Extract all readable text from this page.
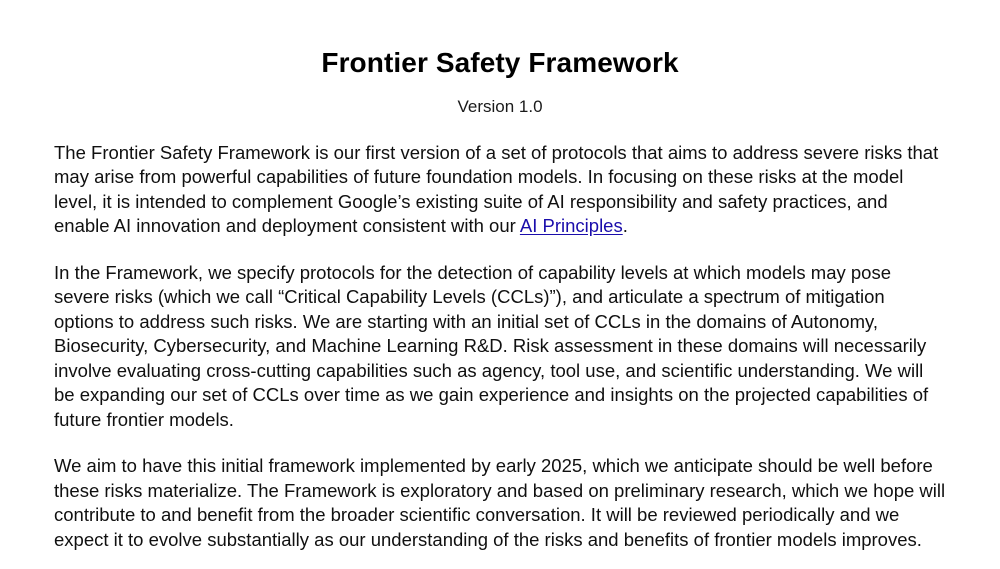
Frontier Safety Framework
Version 1.0

The Frontier Safety Framework is our first version of a set of protocols that aims to address severe risks that may arise from powerful capabilities of future foundation models. In focusing on these risks at the model level, it is intended to complement Google’s existing suite of AI responsibility and safety practices, and enable AI innovation and deployment consistent with our AI Principles.

In the Framework, we specify protocols for the detection of capability levels at which models may pose severe risks (which we call “Critical Capability Levels (CCLs)”), and articulate a spectrum of mitigation options to address such risks. We are starting with an initial set of CCLs in the domains of Autonomy, Biosecurity, Cybersecurity, and Machine Learning R&D. Risk assessment in these domains will necessarily involve evaluating cross-cutting capabilities such as agency, tool use, and scientific understanding. We will be expanding our set of CCLs over time as we gain experience and insights on the projected capabilities of future frontier models.

We aim to have this initial framework implemented by early 2025, which we anticipate should be well before these risks materialize. The Framework is exploratory and based on preliminary research, which we hope will contribute to and benefit from the broader scientific conversation. It will be reviewed periodically and we expect it to evolve substantially as our understanding of the risks and benefits of frontier models improves.
